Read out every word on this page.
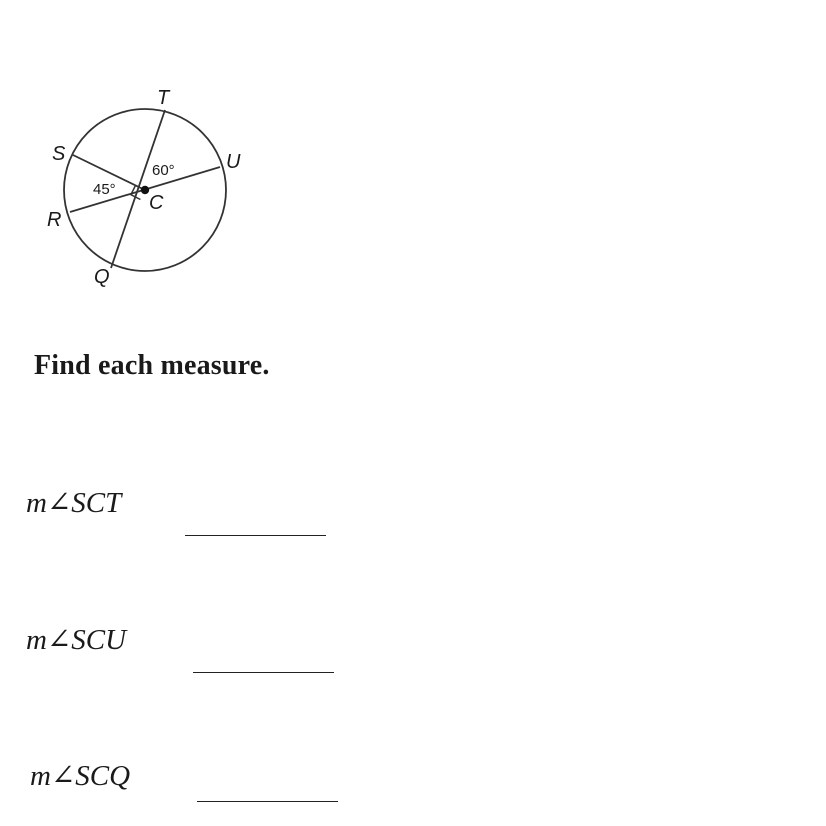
T
S	U
R
Q
C
60°
45°
Find each measure.
m∠SCT
m∠SCU
m∠SCQ
